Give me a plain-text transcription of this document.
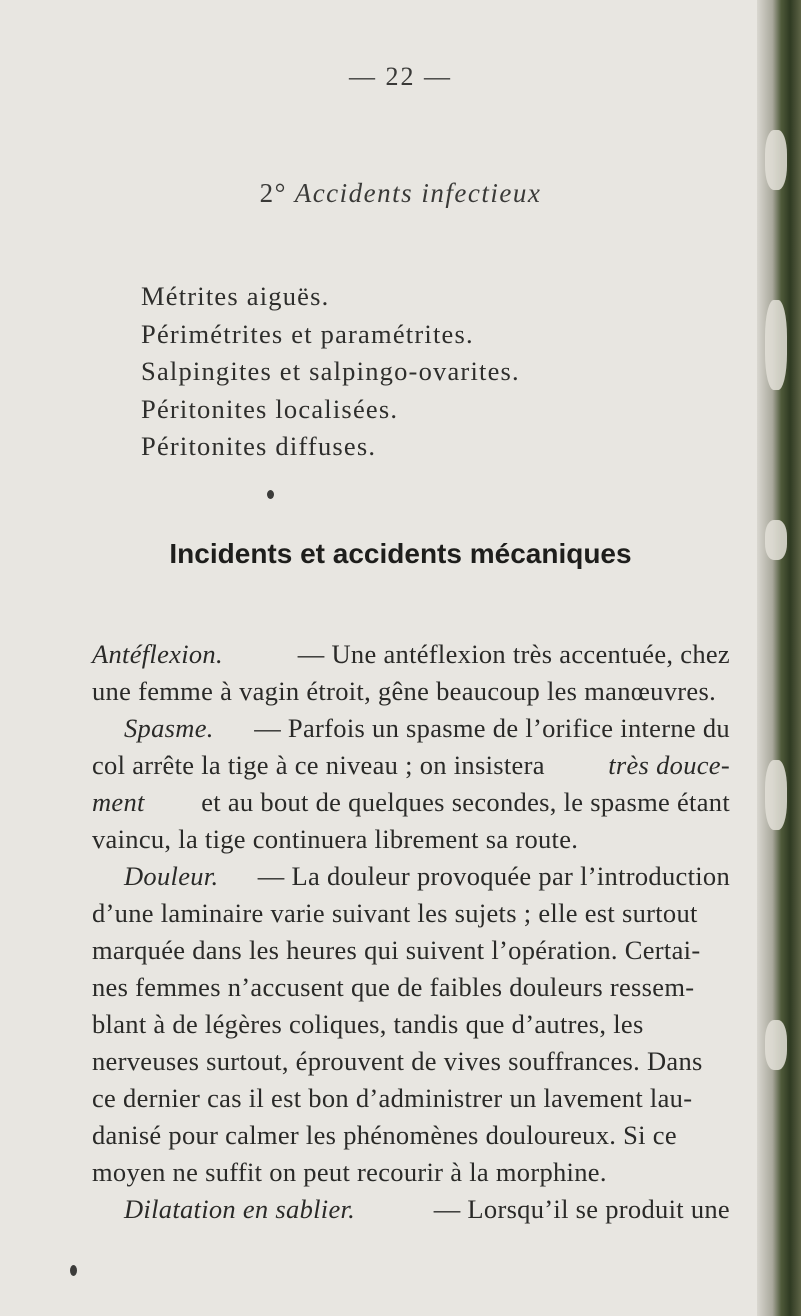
— 22 —
2° Accidents infectieux
Métrites aiguës.
Périmétrites et paramétrites.
Salpingites et salpingo-ovarites.
Péritonites localisées.
Péritonites diffuses.
Incidents et accidents mécaniques
Antéflexion.	— Une antéflexion très accentuée, chez
une femme à vagin étroit, gêne beaucoup les manœuvres.
Spasme. — Parfois un spasme de l’orifice interne du
col arrête la tige à ce niveau ; on insistera très douce-
ment et au bout de quelques secondes, le spasme étant
vaincu, la tige continuera librement sa route.
Douleur. — La douleur provoquée par l’introduction
d’une laminaire varie suivant les sujets ; elle est surtout
marquée dans les heures qui suivent l’opération. Certai-
nes femmes n’accusent que de faibles douleurs ressem-
blant à de légères coliques, tandis que d’autres, les
nerveuses surtout, éprouvent de vives souffrances. Dans
ce dernier cas il est bon d’administrer un lavement lau-
danisé pour calmer les phénomènes douloureux. Si ce
moyen ne suffit on peut recourir à la morphine.
Dilatation en sablier.	— Lorsqu’il se produit une
